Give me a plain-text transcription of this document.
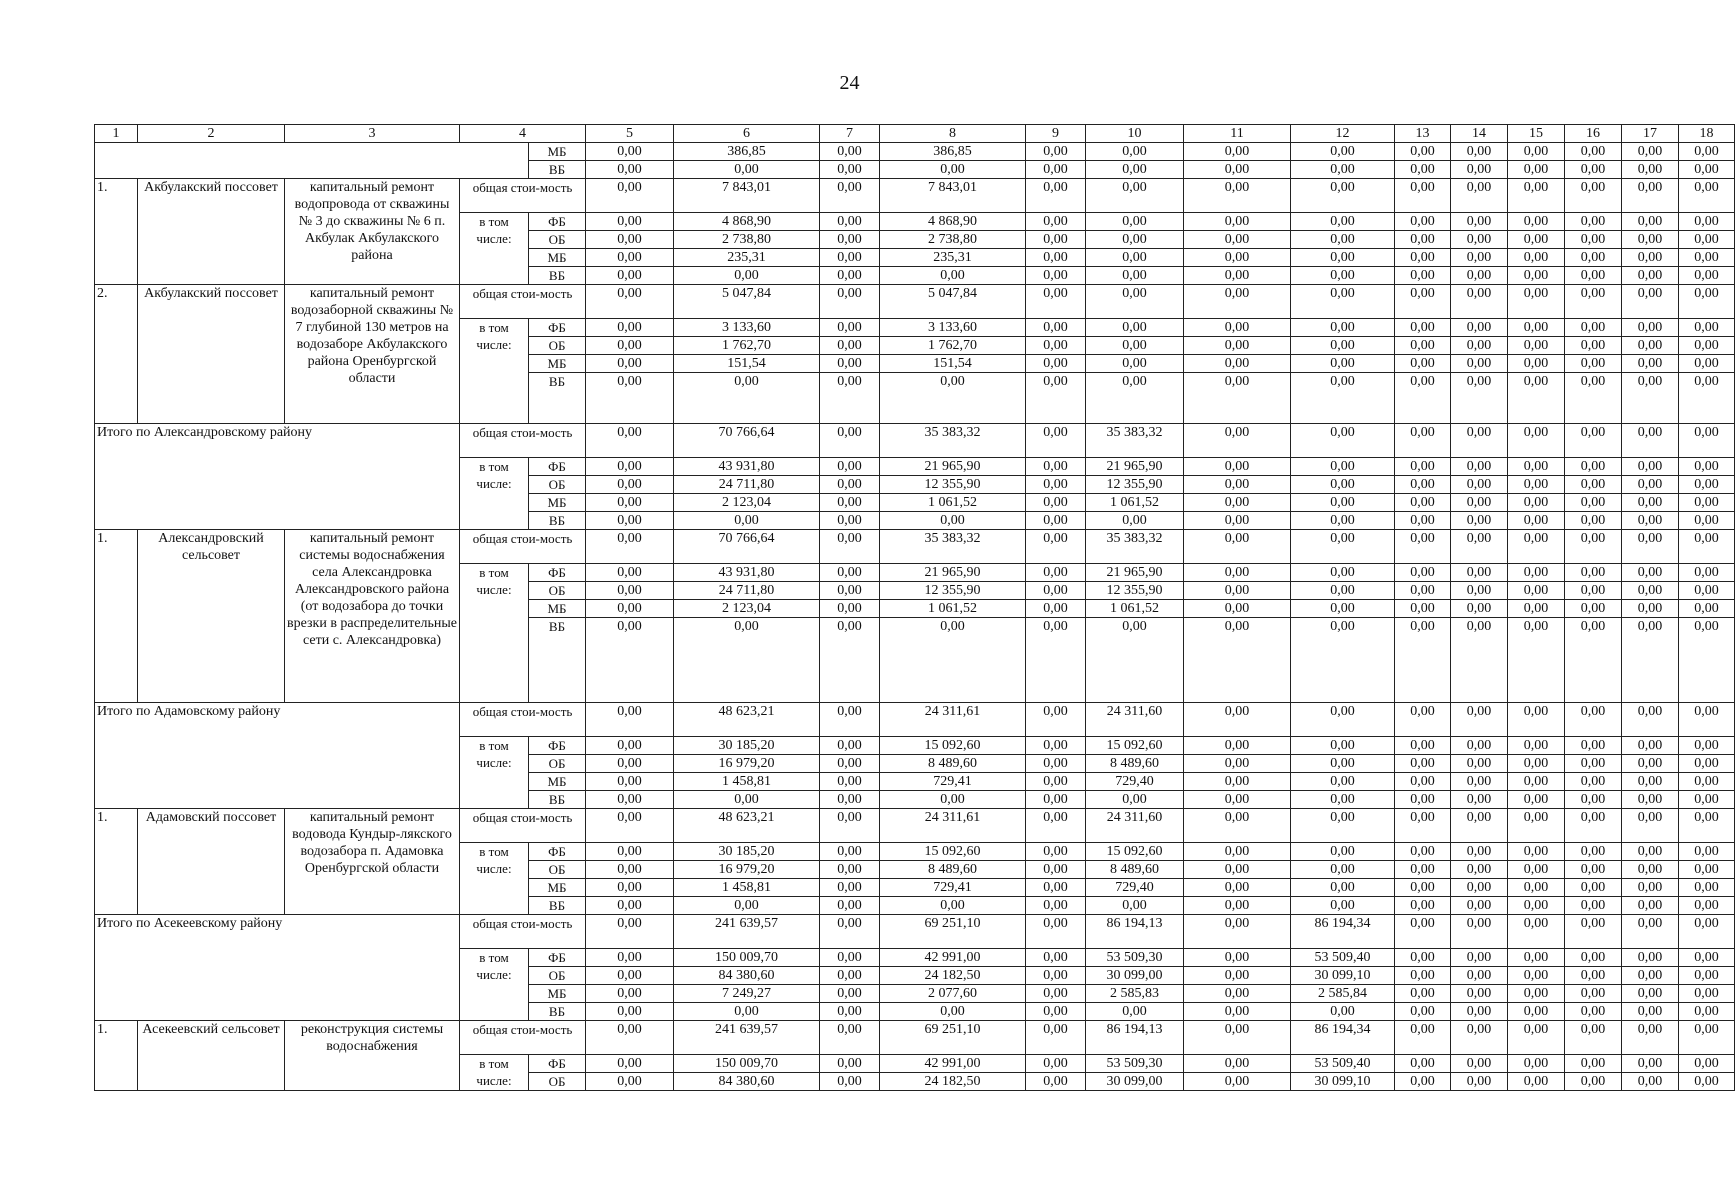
24
1	2	3	4		5	6	7	8	9	10	11	12	13	14	15	16	17	18
				МБ	0,00	386,85	0,00	386,85	0,00	0,00	0,00	0,00	0,00	0,00	0,00	0,00	0,00	0,00
				ВБ	0,00	0,00	0,00	0,00	0,00	0,00	0,00	0,00	0,00	0,00	0,00	0,00	0,00	0,00
1.	Акбулакский поссовет	капитальный ремонт водопровода от скважины № 3 до скважины № 6 п. Акбулак Акбулакского района	общая стои-мость		0,00	7 843,01	0,00	7 843,01	0,00	0,00	0,00	0,00	0,00	0,00	0,00	0,00	0,00	0,00
			в том числе:	ФБ	0,00	4 868,90	0,00	4 868,90	0,00	0,00	0,00	0,00	0,00	0,00	0,00	0,00	0,00	0,00
				ОБ	0,00	2 738,80	0,00	2 738,80	0,00	0,00	0,00	0,00	0,00	0,00	0,00	0,00	0,00	0,00
				МБ	0,00	235,31	0,00	235,31	0,00	0,00	0,00	0,00	0,00	0,00	0,00	0,00	0,00	0,00
				ВБ	0,00	0,00	0,00	0,00	0,00	0,00	0,00	0,00	0,00	0,00	0,00	0,00	0,00	0,00
2.	Акбулакский поссовет	капитальный ремонт водозаборной скважины № 7 глубиной 130 метров на водозаборе Акбулакского района Оренбургской области	общая стои-мость		0,00	5 047,84	0,00	5 047,84	0,00	0,00	0,00	0,00	0,00	0,00	0,00	0,00	0,00	0,00
			в том числе:	ФБ	0,00	3 133,60	0,00	3 133,60	0,00	0,00	0,00	0,00	0,00	0,00	0,00	0,00	0,00	0,00
				ОБ	0,00	1 762,70	0,00	1 762,70	0,00	0,00	0,00	0,00	0,00	0,00	0,00	0,00	0,00	0,00
				МБ	0,00	151,54	0,00	151,54	0,00	0,00	0,00	0,00	0,00	0,00	0,00	0,00	0,00	0,00
				ВБ	0,00	0,00	0,00	0,00	0,00	0,00	0,00	0,00	0,00	0,00	0,00	0,00	0,00	0,00
Итого по Александровскому району			общая стои-мость		0,00	70 766,64	0,00	35 383,32	0,00	35 383,32	0,00	0,00	0,00	0,00	0,00	0,00	0,00	0,00
			в том числе:	ФБ	0,00	43 931,80	0,00	21 965,90	0,00	21 965,90	0,00	0,00	0,00	0,00	0,00	0,00	0,00	0,00
				ОБ	0,00	24 711,80	0,00	12 355,90	0,00	12 355,90	0,00	0,00	0,00	0,00	0,00	0,00	0,00	0,00
				МБ	0,00	2 123,04	0,00	1 061,52	0,00	1 061,52	0,00	0,00	0,00	0,00	0,00	0,00	0,00	0,00
				ВБ	0,00	0,00	0,00	0,00	0,00	0,00	0,00	0,00	0,00	0,00	0,00	0,00	0,00	0,00
1.	Александровский сельсовет	капитальный ремонт системы водоснабжения села Александровка Александровского района (от водозабора до точки врезки в распределительные сети с. Александровка)	общая стои-мость		0,00	70 766,64	0,00	35 383,32	0,00	35 383,32	0,00	0,00	0,00	0,00	0,00	0,00	0,00	0,00
			в том числе:	ФБ	0,00	43 931,80	0,00	21 965,90	0,00	21 965,90	0,00	0,00	0,00	0,00	0,00	0,00	0,00	0,00
				ОБ	0,00	24 711,80	0,00	12 355,90	0,00	12 355,90	0,00	0,00	0,00	0,00	0,00	0,00	0,00	0,00
				МБ	0,00	2 123,04	0,00	1 061,52	0,00	1 061,52	0,00	0,00	0,00	0,00	0,00	0,00	0,00	0,00
				ВБ	0,00	0,00	0,00	0,00	0,00	0,00	0,00	0,00	0,00	0,00	0,00	0,00	0,00	0,00
Итого по Адамовскому району			общая стои-мость		0,00	48 623,21	0,00	24 311,61	0,00	24 311,60	0,00	0,00	0,00	0,00	0,00	0,00	0,00	0,00
			в том числе:	ФБ	0,00	30 185,20	0,00	15 092,60	0,00	15 092,60	0,00	0,00	0,00	0,00	0,00	0,00	0,00	0,00
				ОБ	0,00	16 979,20	0,00	8 489,60	0,00	8 489,60	0,00	0,00	0,00	0,00	0,00	0,00	0,00	0,00
				МБ	0,00	1 458,81	0,00	729,41	0,00	729,40	0,00	0,00	0,00	0,00	0,00	0,00	0,00	0,00
				ВБ	0,00	0,00	0,00	0,00	0,00	0,00	0,00	0,00	0,00	0,00	0,00	0,00	0,00	0,00
1.	Адамовский поссовет	капитальный ремонт водовода Кундыр-лякского водозабора п. Адамовка Оренбургской области	общая стои-мость		0,00	48 623,21	0,00	24 311,61	0,00	24 311,60	0,00	0,00	0,00	0,00	0,00	0,00	0,00	0,00
			в том числе:	ФБ	0,00	30 185,20	0,00	15 092,60	0,00	15 092,60	0,00	0,00	0,00	0,00	0,00	0,00	0,00	0,00
				ОБ	0,00	16 979,20	0,00	8 489,60	0,00	8 489,60	0,00	0,00	0,00	0,00	0,00	0,00	0,00	0,00
				МБ	0,00	1 458,81	0,00	729,41	0,00	729,40	0,00	0,00	0,00	0,00	0,00	0,00	0,00	0,00
				ВБ	0,00	0,00	0,00	0,00	0,00	0,00	0,00	0,00	0,00	0,00	0,00	0,00	0,00	0,00
Итого по Асекеевскому району			общая стои-мость		0,00	241 639,57	0,00	69 251,10	0,00	86 194,13	0,00	86 194,34	0,00	0,00	0,00	0,00	0,00	0,00
			в том числе:	ФБ	0,00	150 009,70	0,00	42 991,00	0,00	53 509,30	0,00	53 509,40	0,00	0,00	0,00	0,00	0,00	0,00
				ОБ	0,00	84 380,60	0,00	24 182,50	0,00	30 099,00	0,00	30 099,10	0,00	0,00	0,00	0,00	0,00	0,00
				МБ	0,00	7 249,27	0,00	2 077,60	0,00	2 585,83	0,00	2 585,84	0,00	0,00	0,00	0,00	0,00	0,00
				ВБ	0,00	0,00	0,00	0,00	0,00	0,00	0,00	0,00	0,00	0,00	0,00	0,00	0,00	0,00
1.	Асекеевский сельсовет	реконструкция системы водоснабжения	общая стои-мость		0,00	241 639,57	0,00	69 251,10	0,00	86 194,13	0,00	86 194,34	0,00	0,00	0,00	0,00	0,00	0,00
			в том числе:	ФБ	0,00	150 009,70	0,00	42 991,00	0,00	53 509,30	0,00	53 509,40	0,00	0,00	0,00	0,00	0,00	0,00
				ОБ	0,00	84 380,60	0,00	24 182,50	0,00	30 099,00	0,00	30 099,10	0,00	0,00	0,00	0,00	0,00	0,00
